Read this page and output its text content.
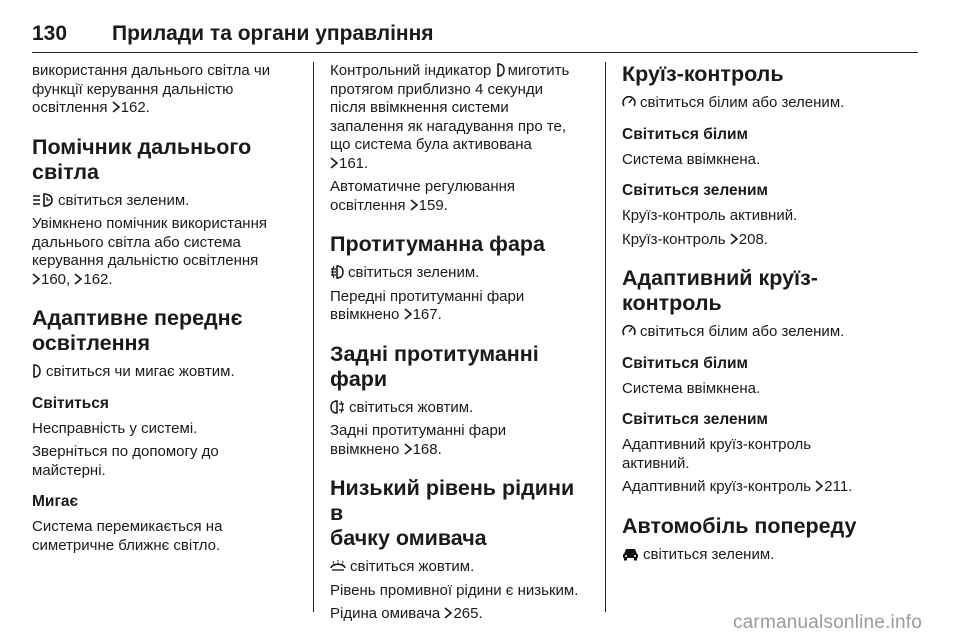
130 Прилади та органи управління

використання дальнього світла чи
функції керування дальністю
освітлення 162.

Помічник дальнього
світла

світиться зеленим.

Увімкнено помічник використання
дальнього світла або система
керування дальністю освітлення
160, 162.

Адаптивне переднє
освітлення

світиться чи мигає жовтим.

Світиться

Несправність у системі.

Зверніться по допомогу до
майстерні.

Мигає

Система перемикається на
симетричне ближнє світло.

Контрольний індикатор миготить
протягом приблизно 4 секунди
після ввімкнення системи
запалення як нагадування про те,
що система була активована
161.

Автоматичне регулювання
освітлення 159.

Протитуманна фара

світиться зеленим.

Передні протитуманні фари
ввімкнено 167.

Задні протитуманні фари

світиться жовтим.

Задні протитуманні фари
ввімкнено 168.

Низький рівень рідини в
бачку омивача

світиться жовтим.

Рівень промивної рідини є низьким.

Рідина омивача 265.

Круїз-контроль

світиться білим або зеленим.

Світиться білим

Система ввімкнена.

Світиться зеленим

Круїз-контроль активний.

Круїз-контроль 208.

Адаптивний круїз-
контроль

світиться білим або зеленим.

Світиться білим

Система ввімкнена.

Світиться зеленим

Адаптивний круїз-контроль
активний.

Адаптивний круїз-контроль 211.

Автомобіль попереду

світиться зеленим.

carmanualsonline.info
